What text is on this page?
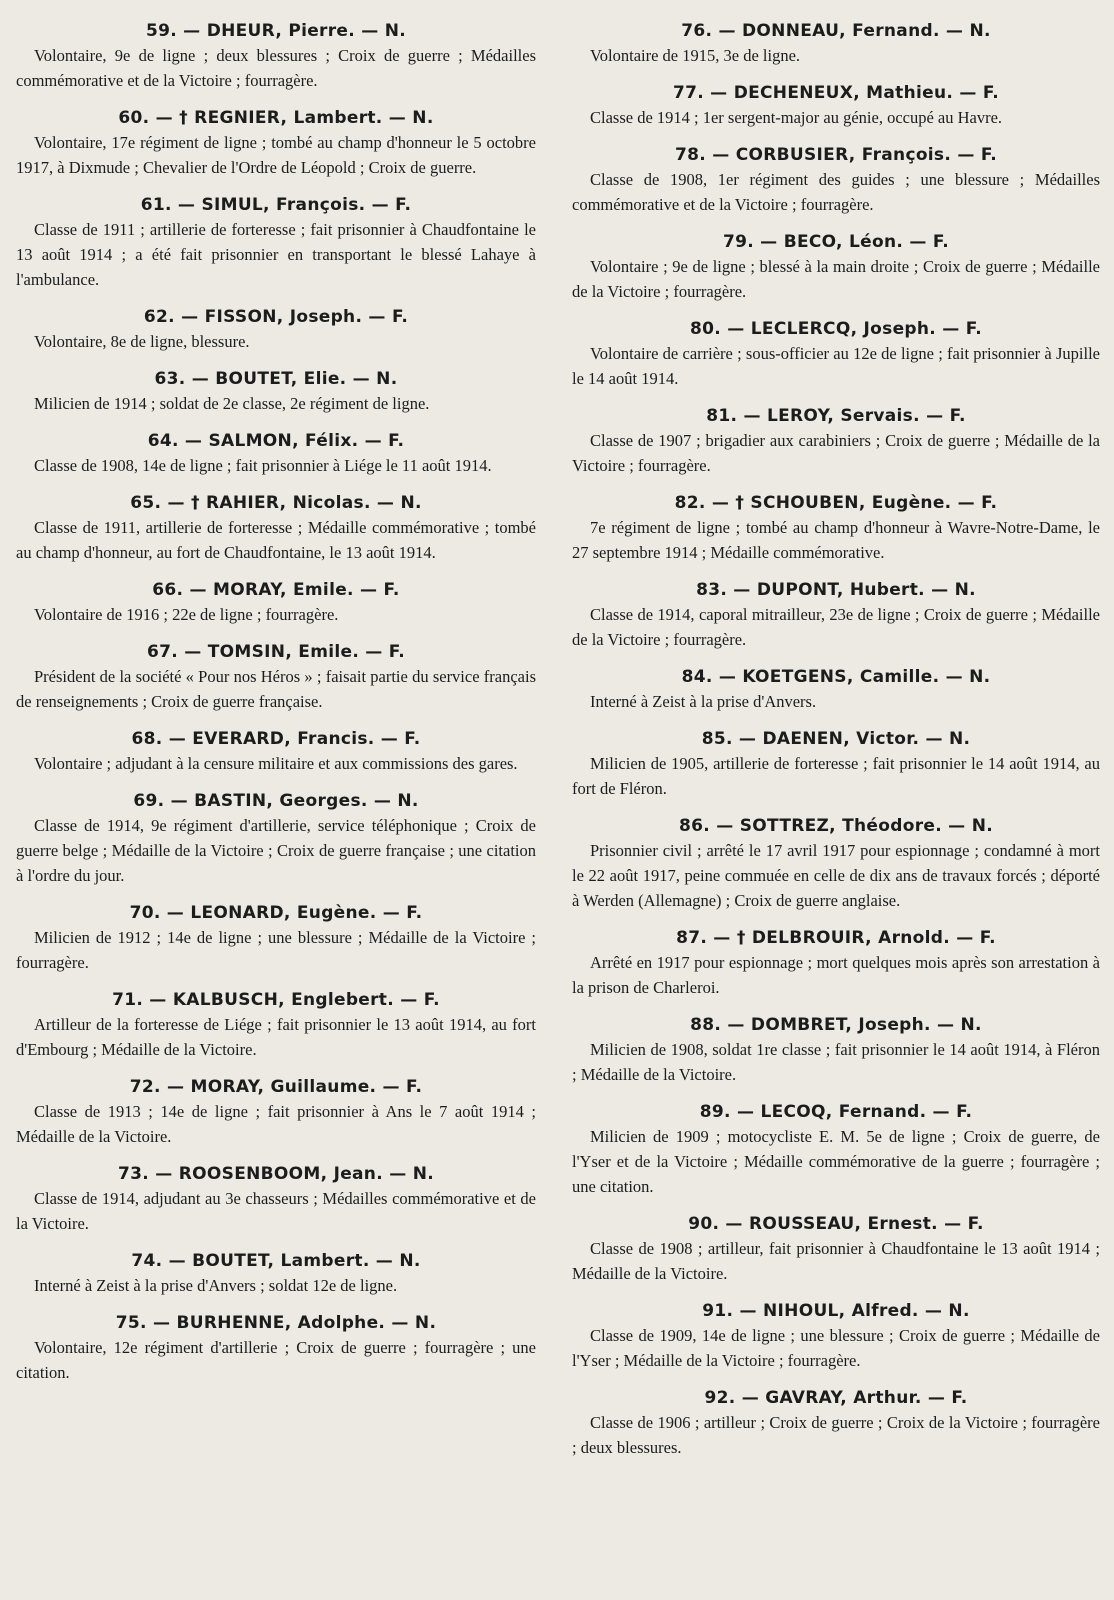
59. — DHEUR, Pierre. — N.
Volontaire, 9e de ligne ; deux blessures ; Croix de guerre ; Médailles commémorative et de la Victoire ; fourragère.
60. — † REGNIER, Lambert. — N.
Volontaire, 17e régiment de ligne ; tombé au champ d'honneur le 5 octobre 1917, à Dixmude ; Chevalier de l'Ordre de Léopold ; Croix de guerre.
61. — SIMUL, François. — F.
Classe de 1911 ; artillerie de forteresse ; fait prisonnier à Chaudfontaine le 13 août 1914 ; a été fait prisonnier en transportant le blessé Lahaye à l'ambulance.
62. — FISSON, Joseph. — F.
Volontaire, 8e de ligne, blessure.
63. — BOUTET, Elie. — N.
Milicien de 1914 ; soldat de 2e classe, 2e régiment de ligne.
64. — SALMON, Félix. — F.
Classe de 1908, 14e de ligne ; fait prisonnier à Liége le 11 août 1914.
65. — † RAHIER, Nicolas. — N.
Classe de 1911, artillerie de forteresse ; Médaille commémorative ; tombé au champ d'honneur, au fort de Chaudfontaine, le 13 août 1914.
66. — MORAY, Emile. — F.
Volontaire de 1916 ; 22e de ligne ; fourragère.
67. — TOMSIN, Emile. — F.
Président de la société « Pour nos Héros » ; faisait partie du service français de renseignements ; Croix de guerre française.
68. — EVERARD, Francis. — F.
Volontaire ; adjudant à la censure militaire et aux commissions des gares.
69. — BASTIN, Georges. — N.
Classe de 1914, 9e régiment d'artillerie, service téléphonique ; Croix de guerre belge ; Médaille de la Victoire ; Croix de guerre française ; une citation à l'ordre du jour.
70. — LEONARD, Eugène. — F.
Milicien de 1912 ; 14e de ligne ; une blessure ; Médaille de la Victoire ; fourragère.
71. — KALBUSCH, Englebert. — F.
Artilleur de la forteresse de Liége ; fait prisonnier le 13 août 1914, au fort d'Embourg ; Médaille de la Victoire.
72. — MORAY, Guillaume. — F.
Classe de 1913 ; 14e de ligne ; fait prisonnier à Ans le 7 août 1914 ; Médaille de la Victoire.
73. — ROOSENBOOM, Jean. — N.
Classe de 1914, adjudant au 3e chasseurs ; Médailles commémorative et de la Victoire.
74. — BOUTET, Lambert. — N.
Interné à Zeist à la prise d'Anvers ; soldat 12e de ligne.
75. — BURHENNE, Adolphe. — N.
Volontaire, 12e régiment d'artillerie ; Croix de guerre ; fourragère ; une citation.
76. — DONNEAU, Fernand. — N.
Volontaire de 1915, 3e de ligne.
77. — DECHENEUX, Mathieu. — F.
Classe de 1914 ; 1er sergent-major au génie, occupé au Havre.
78. — CORBUSIER, François. — F.
Classe de 1908, 1er régiment des guides ; une blessure ; Médailles commémorative et de la Victoire ; fourragère.
79. — BECO, Léon. — F.
Volontaire ; 9e de ligne ; blessé à la main droite ; Croix de guerre ; Médaille de la Victoire ; fourragère.
80. — LECLERCQ, Joseph. — F.
Volontaire de carrière ; sous-officier au 12e de ligne ; fait prisonnier à Jupille le 14 août 1914.
81. — LEROY, Servais. — F.
Classe de 1907 ; brigadier aux carabiniers ; Croix de guerre ; Médaille de la Victoire ; fourragère.
82. — † SCHOUBEN, Eugène. — F.
7e régiment de ligne ; tombé au champ d'honneur à Wavre-Notre-Dame, le 27 septembre 1914 ; Médaille commémorative.
83. — DUPONT, Hubert. — N.
Classe de 1914, caporal mitrailleur, 23e de ligne ; Croix de guerre ; Médaille de la Victoire ; fourragère.
84. — KOETGENS, Camille. — N.
Interné à Zeist à la prise d'Anvers.
85. — DAENEN, Victor. — N.
Milicien de 1905, artillerie de forteresse ; fait prisonnier le 14 août 1914, au fort de Fléron.
86. — SOTTREZ, Théodore. — N.
Prisonnier civil ; arrêté le 17 avril 1917 pour espionnage ; condamné à mort le 22 août 1917, peine commuée en celle de dix ans de travaux forcés ; déporté à Werden (Allemagne) ; Croix de guerre anglaise.
87. — † DELBROUIR, Arnold. — F.
Arrêté en 1917 pour espionnage ; mort quelques mois après son arrestation à la prison de Charleroi.
88. — DOMBRET, Joseph. — N.
Milicien de 1908, soldat 1re classe ; fait prisonnier le 14 août 1914, à Fléron ; Médaille de la Victoire.
89. — LECOQ, Fernand. — F.
Milicien de 1909 ; motocycliste E. M. 5e de ligne ; Croix de guerre, de l'Yser et de la Victoire ; Médaille commémorative de la guerre ; fourragère ; une citation.
90. — ROUSSEAU, Ernest. — F.
Classe de 1908 ; artilleur, fait prisonnier à Chaudfontaine le 13 août 1914 ; Médaille de la Victoire.
91. — NIHOUL, Alfred. — N.
Classe de 1909, 14e de ligne ; une blessure ; Croix de guerre ; Médaille de l'Yser ; Médaille de la Victoire ; fourragère.
92. — GAVRAY, Arthur. — F.
Classe de 1906 ; artilleur ; Croix de guerre ; Croix de la Victoire ; fourragère ; deux blessures.
